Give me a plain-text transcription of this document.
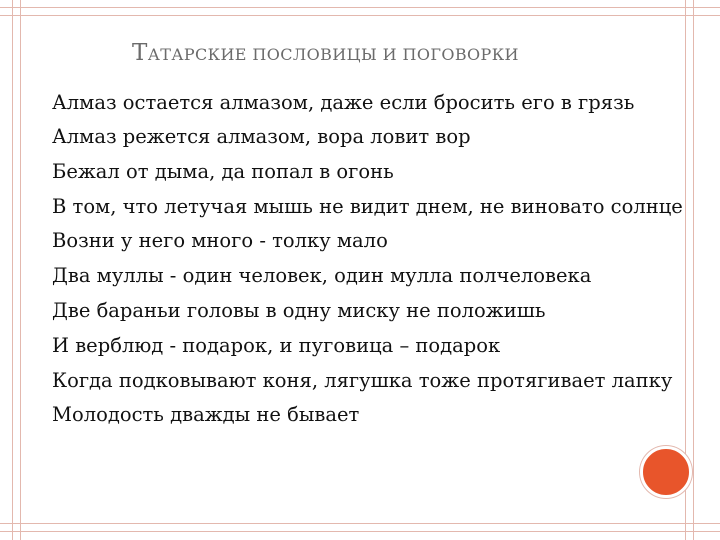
ТАТАРСКИЕ ПОСЛОВИЦЫ И ПОГОВОРКИ
Алмаз остается алмазом, даже если бросить его в грязь
Алмаз режется алмазом, вора ловит вор
Бежал от дыма, да попал в огонь
В том, что летучая мышь не видит днем, не виновато солнце
Возни у него много - толку мало
Два муллы - один человек, один мулла полчеловека
Две бараньи головы в одну миску не положишь
И верблюд - подарок, и пуговица – подарок
Когда подковывают коня, лягушка тоже протягивает лапку
Молодость дважды не бывает
